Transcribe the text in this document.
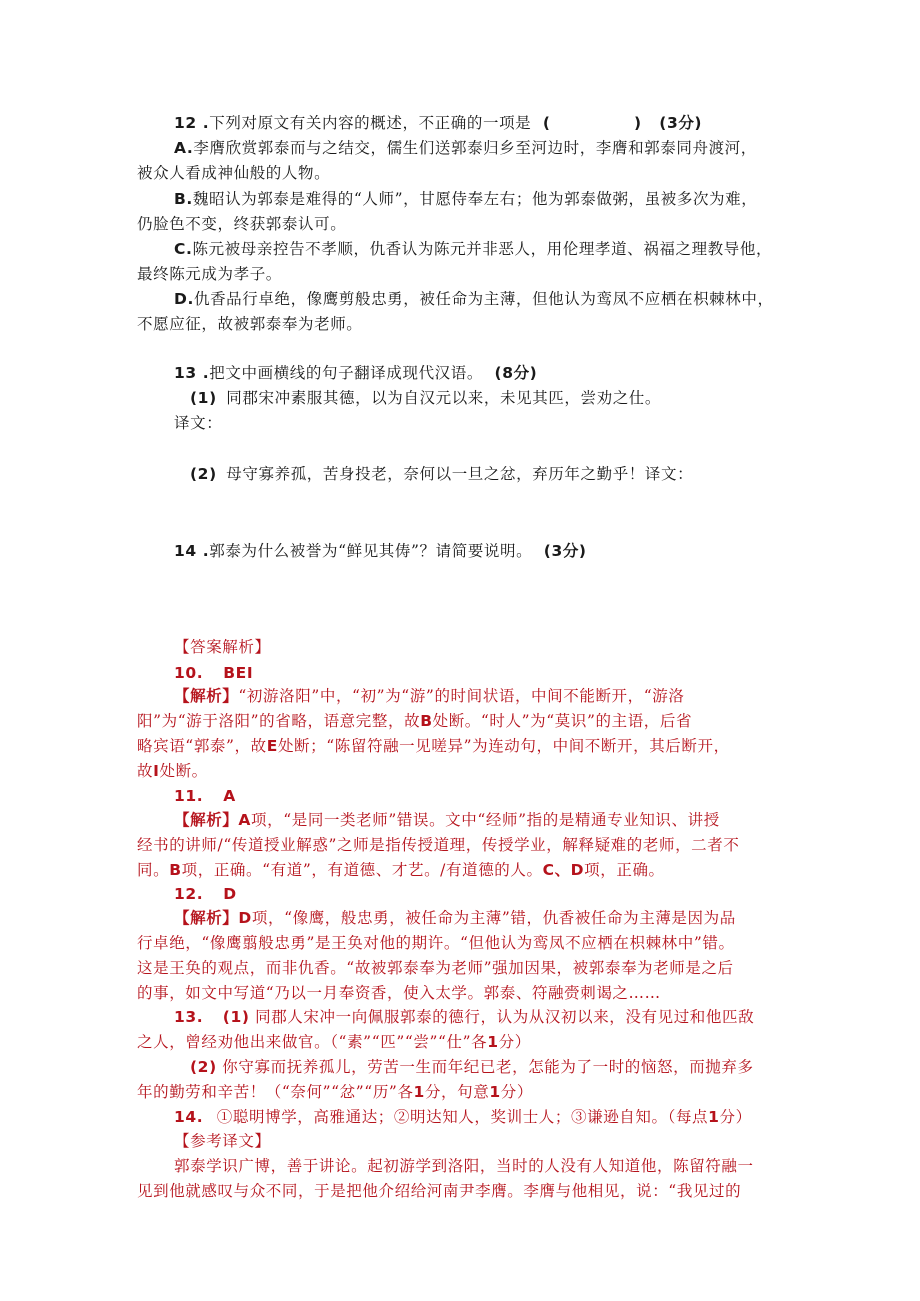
12 .下列对原文有关内容的概述，不正确的一项是 (	) (3分)
A.李膺欣赏郭泰而与之结交，儒生们送郭泰归乡至河边时，李膺和郭泰同舟渡河，
被众人看成神仙般的人物。
B.魏昭认为郭泰是难得的“人师”，甘愿侍奉左右；他为郭泰做粥，虽被多次为难，
仍脸色不变，终获郭泰认可。
C.陈元被母亲控告不孝顺，仇香认为陈元并非恶人，用伦理孝道、祸福之理教导他，
最终陈元成为孝子。
D.仇香品行卓绝，像鹰剪般忠勇，被任命为主薄，但他认为鸾凤不应栖在枳棘林中，
不愿应征，故被郭泰奉为老师。
13 .把文中画横线的句子翻译成现代汉语。 (8分)
(1) 同郡宋冲素服其德，以为自汉元以来，未见其匹，尝劝之仕。
译文：
(2) 母守寡养孤，苦身投老，奈何以一旦之忿，弃历年之勤乎！译文：
14 .郭泰为什么被誉为“鲜见其俦”？请简要说明。 (3分)
【答案解析】
10. BEI
【解析】“初游洛阳”中，“初”为“游”的时间状语，中间不能断开，“游洛
阳”为“游于洛阳”的省略，语意完整，故B处断。“时人”为“莫识”的主语，后省
略宾语“郭泰”，故E处断；“陈留符融一见嗟异”为连动句，中间不断开，其后断开，
故I处断。
11. A
【解析】A项，“是同一类老师”错误。文中“经师”指的是精通专业知识、讲授
经书的讲师/“传道授业解惑”之师是指传授道理，传授学业，解释疑难的老师，二者不
同。B项，正确。“有道”，有道德、才艺。/有道德的人。C、D项，正确。
12. D
【解析】D项，“像鹰，般忠勇，被任命为主薄”错，仇香被任命为主薄是因为品
行卓绝，“像鹰翦般忠勇”是王奂对他的期许。“但他认为鸾凤不应栖在枳棘林中”错。
这是王奂的观点，而非仇香。“故被郭泰奉为老师”强加因果，被郭泰奉为老师是之后
的事，如文中写道“乃以一月奉资香，使入太学。郭泰、符融赍刺谒之……
13. (1) 同郡人宋冲一向佩服郭泰的德行，认为从汉初以来，没有见过和他匹敌
之人，曾经劝他出来做官。（“素”“匹”“尝”“仕”各1分）
(2) 你守寡而抚养孤儿，劳苦一生而年纪已老，怎能为了一时的恼怒，而抛弃多
年的勤劳和辛苦！（“奈何”“忿”“历”各1分，句意1分）
14. ①聪明博学，高雅通达；②明达知人，奖训士人；③谦逊自知。（每点1分）
【参考译文】
郭泰学识广博，善于讲论。起初游学到洛阳，当时的人没有人知道他，陈留符融一
见到他就感叹与众不同，于是把他介绍给河南尹李膺。李膺与他相见，说：“我见过的
